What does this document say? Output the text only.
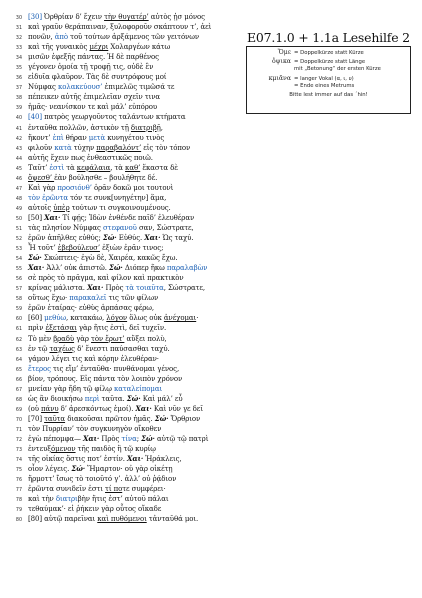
E07.1.0 + 1.1a Lesehilfe 2
Ὅμε = Doppelkürze statt Kürze
ὄψικα = Doppelkürze statt Länge
mit „Betonung“ der ersten Kürze
κμιᾶνα = langer Vokal (α, ι, υ)
= Ende eines Metrums
Bitte lest immer auf das ´hin!
30 [30] Ὀρθρίαν δ’ ἔχειν τὴν θυγατέρ’ αὐτὸς ᾐσ μόνος
31 καὶ γραῦν θεράπαιναν, ξυλοφοροῦν σκάπτουν τ’, ἀεὶ
32 πονῶν, ἀπὸ τοῦ τούτων ἀρξάμενος τῶν γειτόνων
33 καὶ τῆς γυναικὸς μέχρι Χολαργέων κάτω
34 μισῶν ἐφεξῆς πάντας. Ἡ δὲ παρθένος
35 γέγονεν ὁμοία τῇ τροφῇ τις, οὐδὲ ἓν
36 εἰδυῖα φλαῦρον. Τὰς δὲ συντρόφους μοί
37 Νύμφας κολακεύουσ’ ἐπιμελῶς τιμῶσά τε
38 πέπεικεν αὐτῆς ἐπιμελεῖαν σχεῖν τινα
39 ἡμᾶς· νεανίσκον τε καὶ μάλ’ εὐπόρου
40 [40] πατρὸς γεωργοῦντος ταλάντων κτήματα
41 ἐνταῦθα πολλῶν, ἀστικὸν τῇ διατριβῇ,
42 ἥκοντ’ ἐπὶ θήραν μετὰ κυνηγέτου τινὸς
43 φιλοῦν κατὰ τύχην παραβαλόντ’ εἰς τὸν τόπον
44 αὐτῆς ἔχειν πως ἐνθεαστικῶς ποιῶ.
45 Ταῦτ’ ἐστὶ τὰ κεφάλαια, τὰ καθ’ ἕκαστα δὲ
46 ὄψεσθ’ ἐὰν βούλησθε – βουλήθητε δέ.
47 Καὶ γὰρ προσιόνθ’ ὁρᾶν δοκῶ μοι τουτονὶ
48 τὸν ἐρῶντα τόν τε συνκ[υνηγέτην] ἅμα,
49 αὐτοῖς ὑπὲρ τούτων τι συγκοινουμένους.
50 [50] Χαι· Τί φῄς; Ἰδὼν ἐνθένδε παῖδ’ ἐλευθέραν
51 τὰς πλησίον Νύμφας στεφανοῦ σαν, Σώστρατε,
52 ἐρῶν ἀπῆλθες εὐθύς; Σώ· Εὐθύς. Χαι· Ὡς ταχύ.
53 Ἦ τοῦτ’ ἐβεβούλευσ’ ἐξιὼν ἐρᾶν τινος;
54 Σώ· Σκώπτεις· ἐγὼ δὲ, Χαιρέα, κακῶς ἔχω.
55 Χαι· Ἀλλ’ οὐκ ἀπιστῶ. Σώ· Διόπερ ἥκω παραλαβὼν
56 σὲ πρὸς τὸ πρᾶγμα, καὶ φίλον καὶ πρακτικὸν
57 κρίνας μάλιστα. Χαι· Πρὸς τὰ τοιαῦτα, Σώστρατε,
58 οὕτως ἔχω· παρακαλεῖ τις τῶν φίλων
59 ἐρῶν ἑταίρας· εὐθὺς ἁρπάσας φέρω,
60 [60] μεθύω, κατακάω, λόγον ὅλως οὐκ ἀνέχομαι·
61 πρὶν ἐξετάσαι γὰρ ἥτις ἐστὶ, δεῖ τυχεῖν.
62 Τὸ μὲν βραδὺ γὰρ τὸν ἔρωτ’ αὔξει πολὺ,
63 ἐν τῷ ταχέως δ’ ἔνεστι παύσασθαι ταχύ.
64 γάμον λέγει τις καὶ κόρην ἐλευθέραν·
65 ἕτερος τις εἴμ’ ἐνταῦθα· πυνθάνομαι γένος,
66 βίον, τρόπους. Εἰς πάντα τὸν λοιπὸν χρόνον
67 μνείαν γὰρ ἤδη τῷ φίλῳ καταλείπομαι
68 ὡς ἂν διοικήσω περὶ ταῦτα. Σώ· Καὶ μάλ’ εὖ
69 (οὐ πάνυ δ’ ἀρεσκόντως ἐμοί). Χαι· Καὶ νῦν γε δεῖ
70 [70] ταῦτα διακοῦσαι πρῶτον ἡμᾶς. Σώ· Ὄρθριον
71 τὸν Πυρρίαν’ τὸν συγκυνηγὸν οἴκοθεν
72 ἐγὼ πέπομφα— Χαι· Πρὸς τίνα; Σώ· αὐτῷ τῷ πατρὶ
73 ἐντευξόμενον τῆς παιδὸς ἢ τῷ κυρίῳ
74 τῆς οἰκίας ὅστις ποτ’ ἐστίν. Χαι· Ἡράκλεις,
75 οἷον λέγεις. Σώ· Ἥμαρτον· οὐ γὰρ οἰκέτῃ
76 ἥρμοττ’ ἴσως τὸ τοιοῦτό γ’. ἀλλ’ οὐ ῥᾴδιον
77 ἐρῶντα συνιδεῖν ἐστι τί ποτε συμφέρει·
78 καὶ τὴν διατριβὴν ἥτις ἐστ’ αὐτοῦ πάλαι
79 τεθαύμακ’· εἰ ῥήκειν γὰρ οὗτος οἴκαδε
80 [80] αὐτῷ παρεῖναι καὶ πυθόμενοι τἀνταῦθά μοι.
